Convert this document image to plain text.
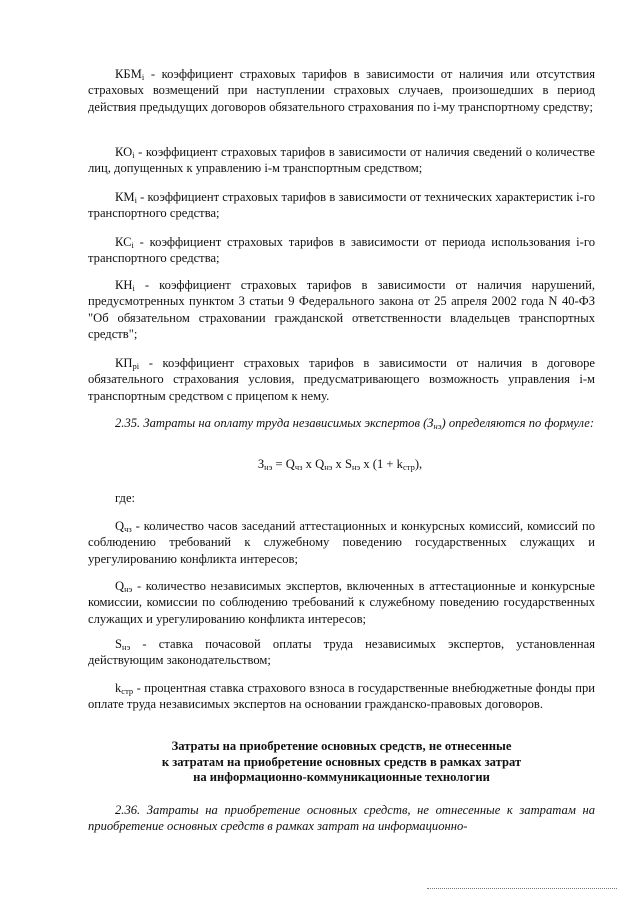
$КБМ_i$ - коэффициент страховых тарифов в зависимости от наличия или отсутствия страховых возмещений при наступлении страховых случаев, произошедших в период действия предыдущих договоров обязательного страхования по i-му транспортному средству;

$КО_i$ - коэффициент страховых тарифов в зависимости от наличия сведений о количестве лиц, допущенных к управлению i-м транспортным средством;

$КМ_i$ - коэффициент страховых тарифов в зависимости от технических характеристик i-го транспортного средства;

$КС_i$ - коэффициент страховых тарифов в зависимости от периода использования i-го транспортного средства;

$КН_i$ - коэффициент страховых тарифов в зависимости от наличия нарушений, предусмотренных пунктом 3 статьи 9 Федерального закона от 25 апреля 2002 года N 40-ФЗ "Об обязательном страховании гражданской ответственности владельцев транспортных средств";

$КП_{рi}$ - коэффициент страховых тарифов в зависимости от наличия в договоре обязательного страхования условия, предусматривающего возможность управления i-м транспортным средством с прицепом к нему.

2.35. Затраты на оплату труда независимых экспертов $(З_{нэ})$ определяются по формуле:

$З_{нэ} = Q_{чз}$ x $Q_{нэ}$ x $S_{нэ}$ x $(1 + k_{стр})$,
где:

$Q_{чз}$ - количество часов заседаний аттестационных и конкурсных комиссий, комиссий по соблюдению требований к служебному поведению государственных служащих и урегулированию конфликта интересов;

$Q_{нэ}$ - количество независимых экспертов, включенных в аттестационные и конкурсные комиссии, комиссии по соблюдению требований к служебному поведению государственных служащих и урегулированию конфликта интересов;

$S_{нэ}$ - ставка почасовой оплаты труда независимых экспертов, установленная действующим законодательством;

$k_{стр}$ - процентная ставка страхового взноса в государственные внебюджетные фонды при оплате труда независимых экспертов на основании гражданско-правовых договоров.

Затраты на приобретение основных средств, не отнесенные
к затратам на приобретение основных средств в рамках затрат
на информационно-коммуникационные технологии

2.36. Затраты на приобретение основных средств, не отнесенные к затратам на приобретение основных средств в рамках затрат на информационно-
